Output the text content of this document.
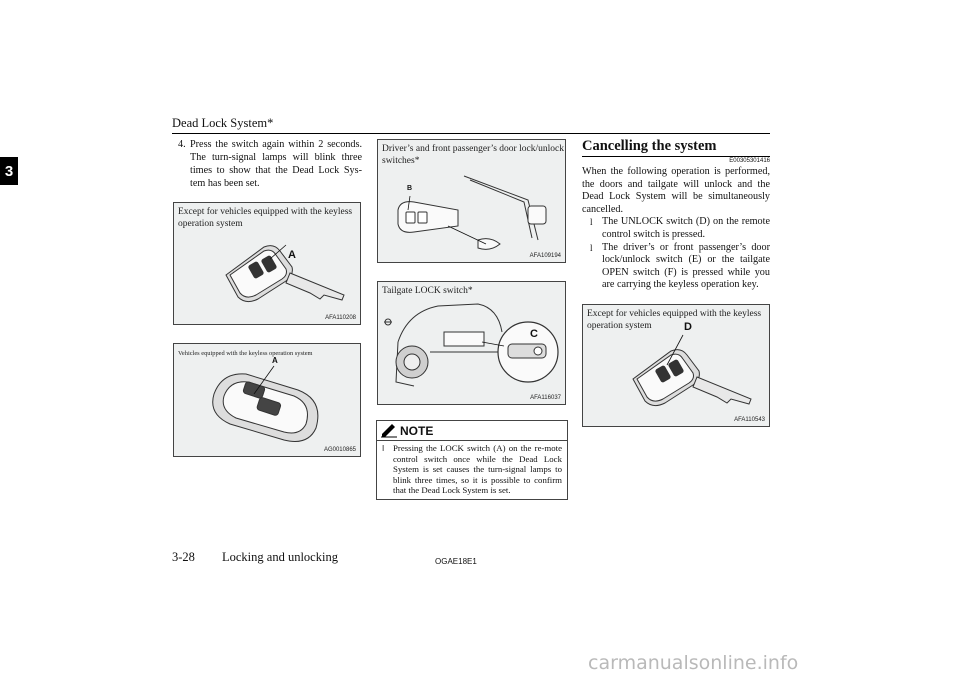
Dead Lock System*
3
4. Press the switch again within 2 seconds. The turn-signal lamps will blink three times to show that the Dead Lock Sys-tem has been set.
Except for vehicles equipped with the keyless operation system
A
AFA110208
Vehicles equipped with the keyless operation system
A
AG0010865
Driver’s and front passenger’s door lock/unlock switches*
B
AFA109194
Tailgate LOCK switch*
C
AFA116037
NOTE
l Pressing the LOCK switch (A) on the re-mote control switch once while the Dead Lock System is set causes the turn-signal lamps to blink three times, so it is possible to confirm that the Dead Lock System is set.
Cancelling the system
E00305301416
When the following operation is performed, the doors and tailgate will unlock and the Dead Lock System will be simultaneously cancelled.
l The UNLOCK switch (D) on the remote control switch is pressed.
l The driver’s or front passenger’s door lock/unlock switch (E) or the tailgate OPEN switch (F) is pressed while you are carrying the keyless operation key.
Except for vehicles equipped with the keyless operation system	D
AFA110543
3-28 Locking and unlocking	OGAE18E1
carmanualsonline.info
